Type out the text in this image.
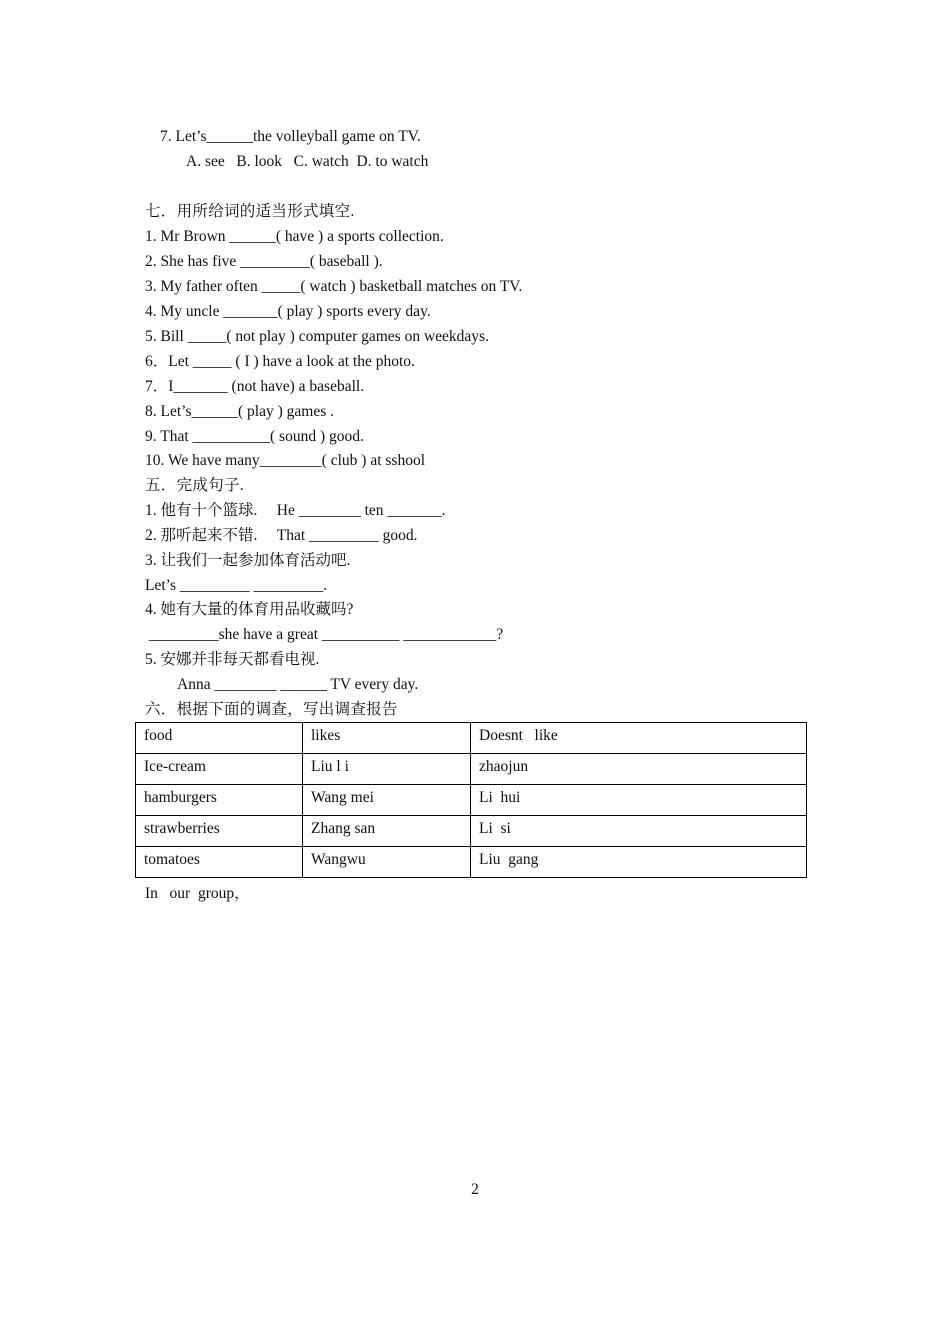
7. Let’s______the volleyball game on TV.
A. see   B. look   C. watch  D. to watch
七．用所给词的适当形式填空.
1. Mr Brown ______( have ) a sports collection.
2. She has five _________( baseball ).
3. My father often _____( watch ) basketball matches on TV.
4. My uncle _______( play ) sports every day.
5. Bill _____( not play ) computer games on weekdays.
6．Let _____ ( I ) have a look at the photo.
7．I_______ (not have) a baseball.
8. Let’s______( play ) games .
9. That __________( sound ) good.
10. We have many________( club ) at sshool
五．完成句子.
1. 他有十个篮球.     He ________ ten _______.
2. 那听起来不错.     That _________ good.
3. 让我们一起参加体育活动吧.
Let’s _________ _________.
4. 她有大量的体育用品收藏吗?
_________she have a great __________ ____________?
5. 安娜并非每天都看电视.
Anna ________ ______ TV every day.
六．根据下面的调查，写出调查报告
food	likes	Doesnt   like
Ice-cream	Liu l i	zhaojun
hamburgers	Wang mei	Li  hui
strawberries	Zhang san	Li  si
tomatoes	Wangwu	Liu  gang
In   our  group，
2
